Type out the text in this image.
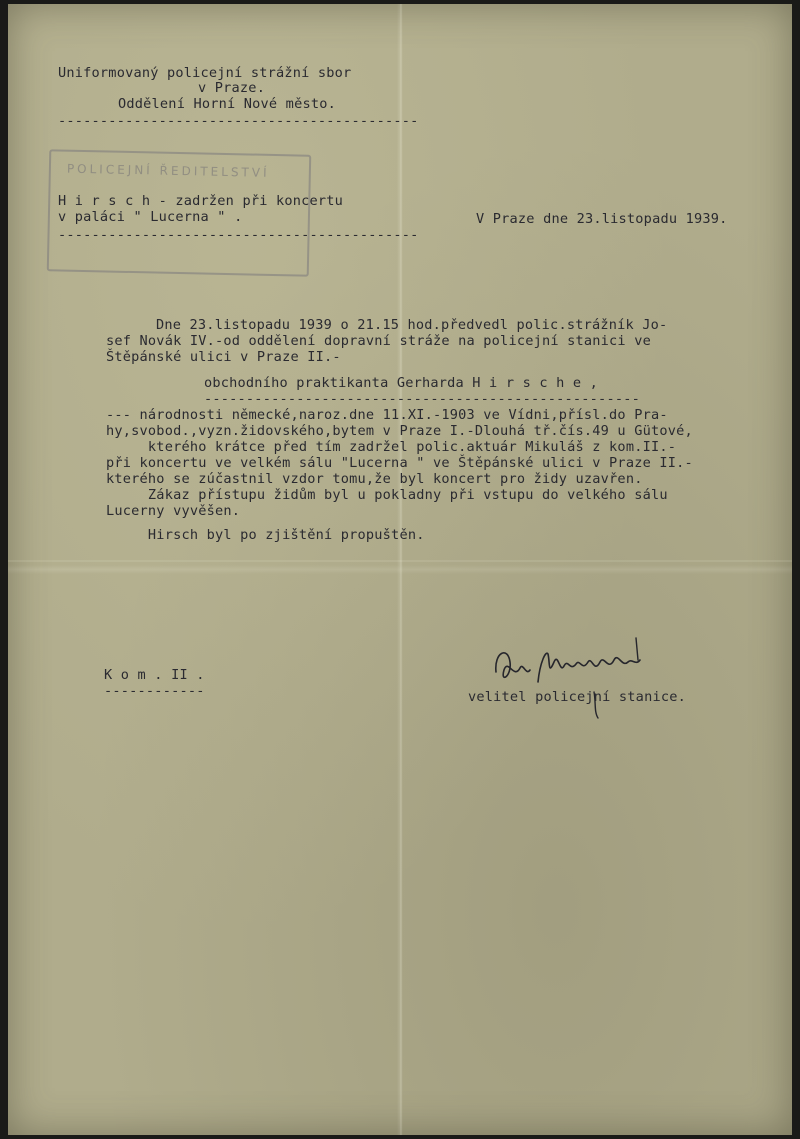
POLICEJNÍ ŘEDITELSTVÍ
Uniformovaný policejní strážní sbor
v Praze.
Oddělení Horní Nové město.
-------------------------------------------
H i r s c h - zadržen při koncertu
v paláci " Lucerna " .
-------------------------------------------
V Praze dne 23.listopadu 1939.
Dne 23.listopadu 1939 o 21.15 hod.předvedl polic.strážník Jo-
sef Novák IV.-od oddělení dopravní stráže na policejní stanici ve
Štěpánské ulici v Praze II.-
obchodního praktikanta Gerharda H i r s c h e ,
----------------------------------------------------
--- národnosti německé,naroz.dne 11.XI.-1903 ve Vídni,přísl.do Pra-
hy,svobod.,vyzn.židovského,bytem v Praze I.-Dlouhá tř.čís.49 u Gütové,
kterého krátce před tím zadržel polic.aktuár Mikuláš z kom.II.-
při koncertu ve velkém sálu "Lucerna " ve Štěpánské ulici v Praze II.-
kterého se zúčastnil vzdor tomu,že byl koncert pro židy uzavřen.
Zákaz přístupu židům byl u pokladny při vstupu do velkého sálu
Lucerny vyvěšen.
Hirsch byl po zjištění propuštěn.
K o m . II .
------------	velitel policejní stanice.
